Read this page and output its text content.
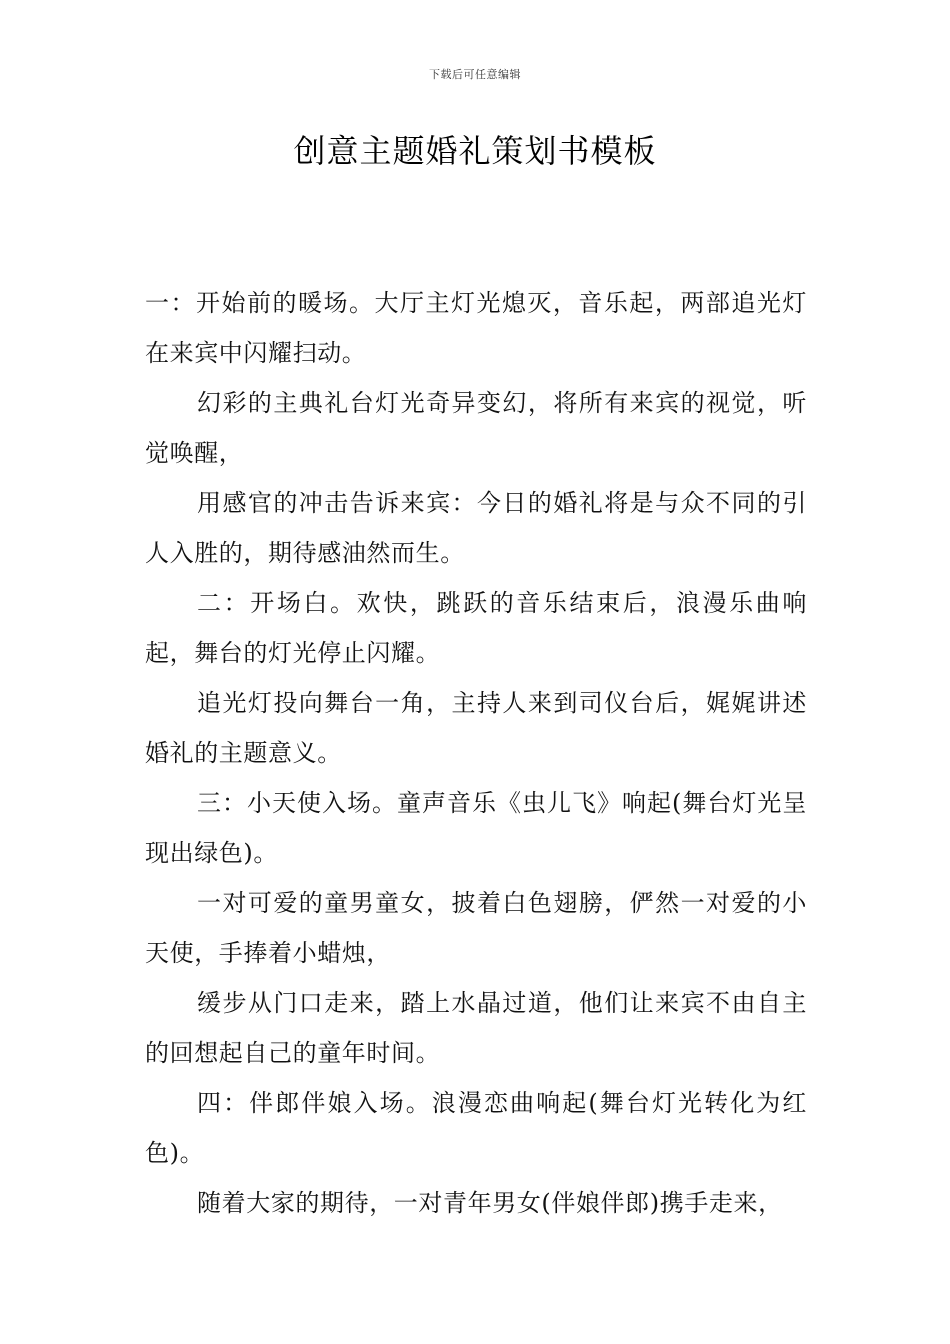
下载后可任意编辑
创意主题婚礼策划书模板

一：开始前的暖场。大厅主灯光熄灭，音乐起，两部追光灯在来宾中闪耀扫动。

幻彩的主典礼台灯光奇异变幻，将所有来宾的视觉，听觉唤醒，

用感官的冲击告诉来宾：今日的婚礼将是与众不同的引人入胜的，期待感油然而生。

二：开场白。欢快，跳跃的音乐结束后，浪漫乐曲响起，舞台的灯光停止闪耀。

追光灯投向舞台一角，主持人来到司仪台后，娓娓讲述婚礼的主题意义。

三：小天使入场。童声音乐《虫儿飞》响起(舞台灯光呈现出绿色)。

一对可爱的童男童女，披着白色翅膀，俨然一对爱的小天使，手捧着小蜡烛，

缓步从门口走来，踏上水晶过道，他们让来宾不由自主的回想起自己的童年时间。

四：伴郎伴娘入场。浪漫恋曲响起(舞台灯光转化为红色)。

随着大家的期待，一对青年男女(伴娘伴郎)携手走来，
